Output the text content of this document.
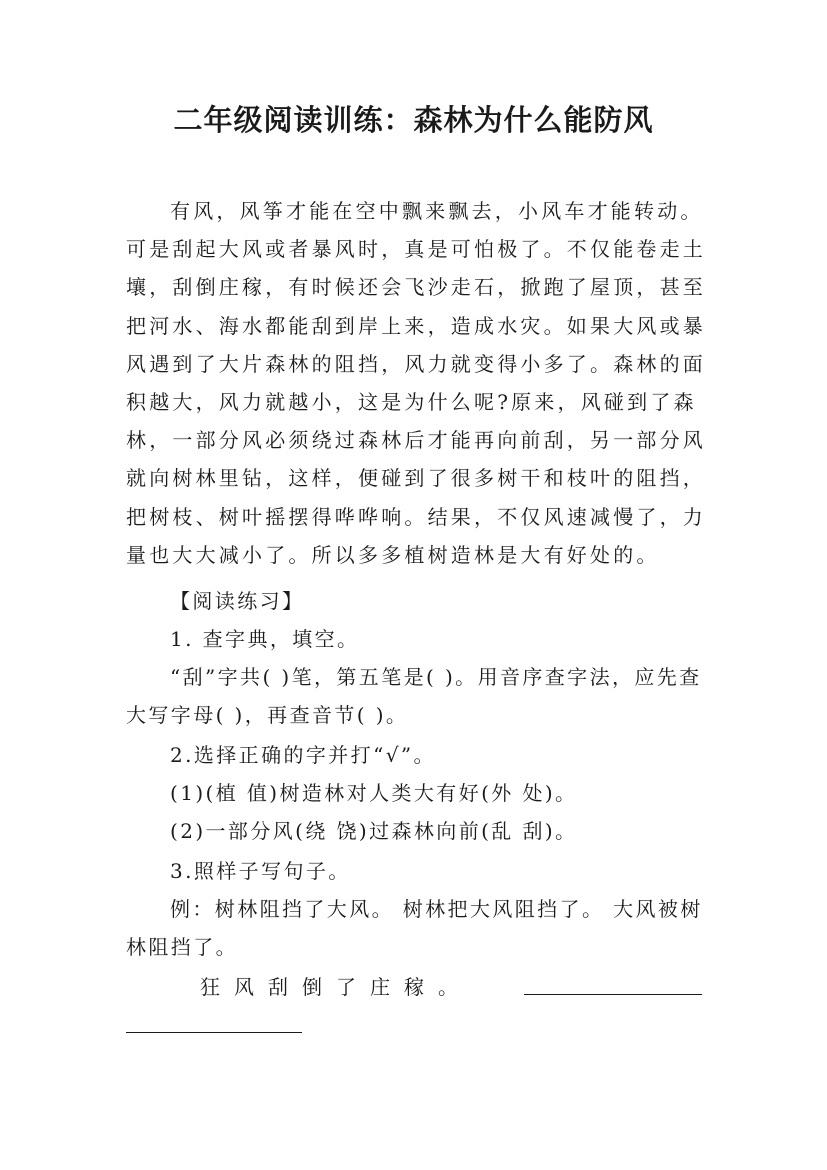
二年级阅读训练：森林为什么能防风

有风，风筝才能在空中飘来飘去，小风车才能转动。可是刮起大风或者暴风时，真是可怕极了。不仅能卷走土壤，刮倒庄稼，有时候还会飞沙走石，掀跑了屋顶，甚至把河水、海水都能刮到岸上来，造成水灾。如果大风或暴风遇到了大片森林的阻挡，风力就变得小多了。森林的面积越大，风力就越小，这是为什么呢?原来，风碰到了森林，一部分风必须绕过森林后才能再向前刮，另一部分风就向树林里钻，这样，便碰到了很多树干和枝叶的阻挡，把树枝、树叶摇摆得哗哗响。结果，不仅风速减慢了，力量也大大减小了。所以多多植树造林是大有好处的。

【阅读练习】
1. 查字典，填空。
“刮”字共( )笔，第五笔是( )。用音序查字法，应先查大写字母( )，再查音节( )。
2.选择正确的字并打“√”。
(1)(植 值)树造林对人类大有好(外 处)。
(2)一部分风(绕 饶)过森林向前(乱 刮)。
3.照样子写句子。
例：树林阻挡了大风。 树林把大风阻挡了。 大风被树林阻挡了。
狂风刮倒了庄稼。
